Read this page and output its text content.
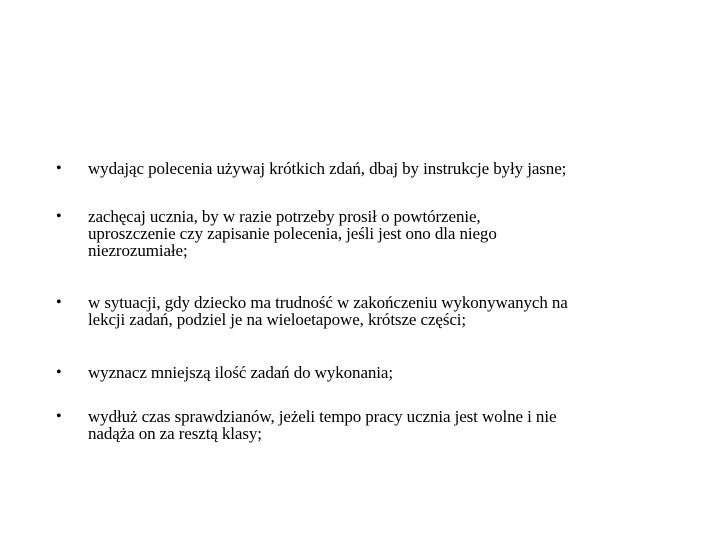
•	wydając polecenia używaj krótkich zdań, dbaj by instrukcje były jasne;
•	zachęcaj ucznia, by w razie potrzeby prosił o powtórzenie,
uproszczenie czy zapisanie polecenia, jeśli jest ono dla niego
niezrozumiałe;
•	w sytuacji, gdy dziecko ma trudność w zakończeniu wykonywanych na
lekcji zadań, podziel je na wieloetapowe, krótsze części;
•	wyznacz mniejszą ilość zadań do wykonania;
•	wydłuż czas sprawdzianów, jeżeli tempo pracy ucznia jest wolne i nie
nadąża on za resztą klasy;
